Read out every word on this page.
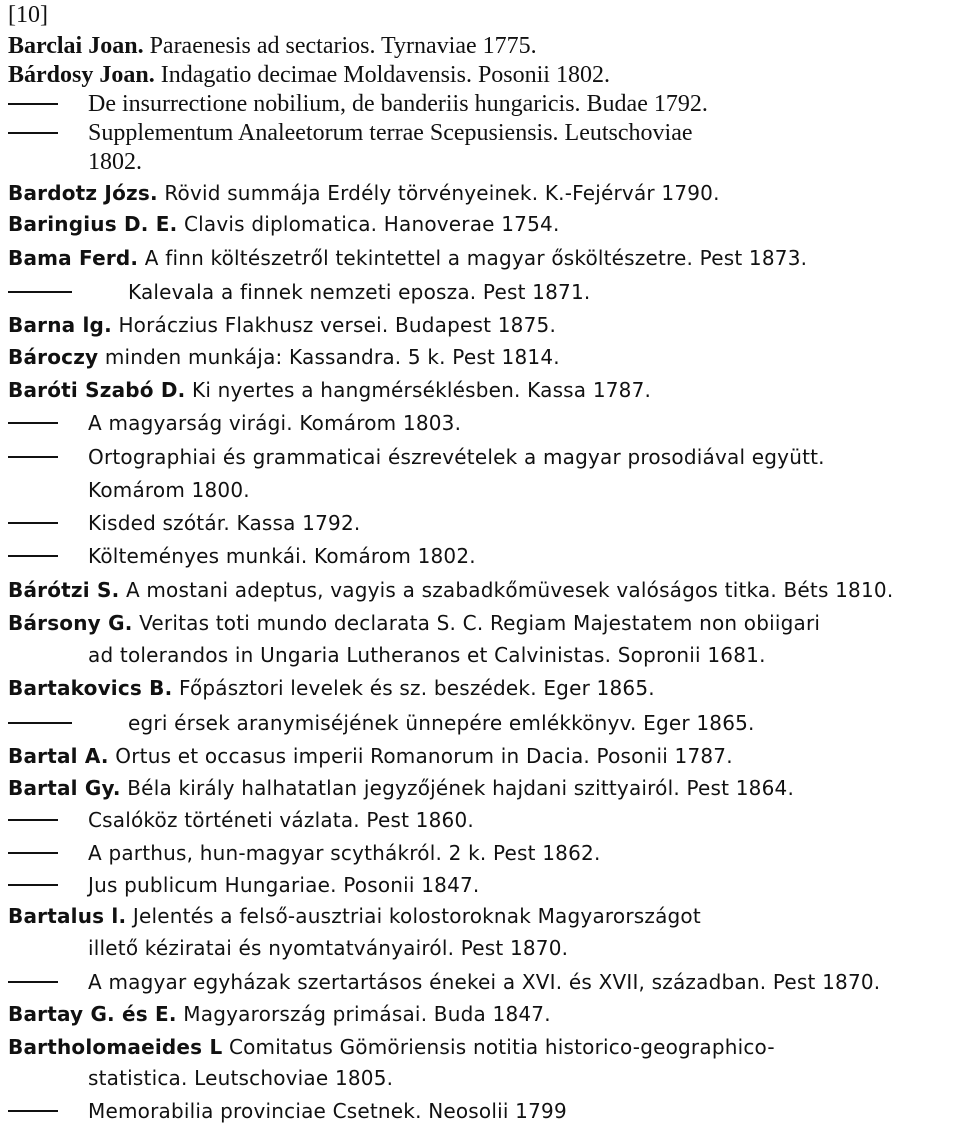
[10]
Barclai Joan. Paraenesis ad sectarios. Tyrnaviae 1775.
Bárdosy Joan. Indagatio decimae Moldavensis. Posonii 1802.
De insurrectione nobilium, de banderiis hungaricis. Budae 1792.
Supplementum Analeetorum terrae Scepusiensis. Leutschoviae
1802.
Bardotz Józs. Rövid summája Erdély törvényeinek. K.-Fejérvár 1790.
Baringius D. E. Clavis diplomatica. Hanoverae 1754.
Bama Ferd. A finn költészetről tekintettel a magyar ősköltészetre. Pest 1873.
Kalevala a finnek nemzeti eposza. Pest 1871.
Barna lg. Horáczius Flakhusz versei. Budapest 1875.
Bároczy minden munkája: Kassandra. 5 k. Pest 1814.
Baróti Szabó D. Ki nyertes a hangmérséklésben. Kassa 1787.
A magyarság virági. Komárom 1803.
Ortographiai és grammaticai észrevételek a magyar prosodiával együtt.
Komárom 1800.
Kisded szótár. Kassa 1792.
Költeményes munkái. Komárom 1802.
Bárótzi S. A mostani adeptus, vagyis a szabadkőmüvesek valóságos titka. Béts 1810.
Bársony G. Veritas toti mundo declarata S. C. Regiam Majestatem non obiigari
ad tolerandos in Ungaria Lutheranos et Calvinistas. Sopronii 1681.
Bartakovics B. Főpásztori levelek és sz. beszédek. Eger 1865.
egri érsek aranymiséjének ünnepére emlékkönyv. Eger 1865.
Bartal A. Ortus et occasus imperii Romanorum in Dacia. Posonii 1787.
Bartal Gy. Béla király halhatatlan jegyzőjének hajdani szittyairól. Pest 1864.
Csalóköz történeti vázlata. Pest 1860.
A parthus, hun-magyar scythákról. 2 k. Pest 1862.
Jus publicum Hungariae. Posonii 1847.
Bartalus l. Jelentés a felső-ausztriai kolostoroknak Magyarországot
illető kéziratai és nyomtatványairól. Pest 1870.
A magyar egyházak szertartásos énekei a XVI. és XVII, században. Pest 1870.
Bartay G. és E. Magyarország primásai. Buda 1847.
Bartholomaeides L Comitatus Gömöriensis notitia historico-geographico-
statistica. Leutschoviae 1805.
Memorabilia provinciae Csetnek. Neosolii 1799
